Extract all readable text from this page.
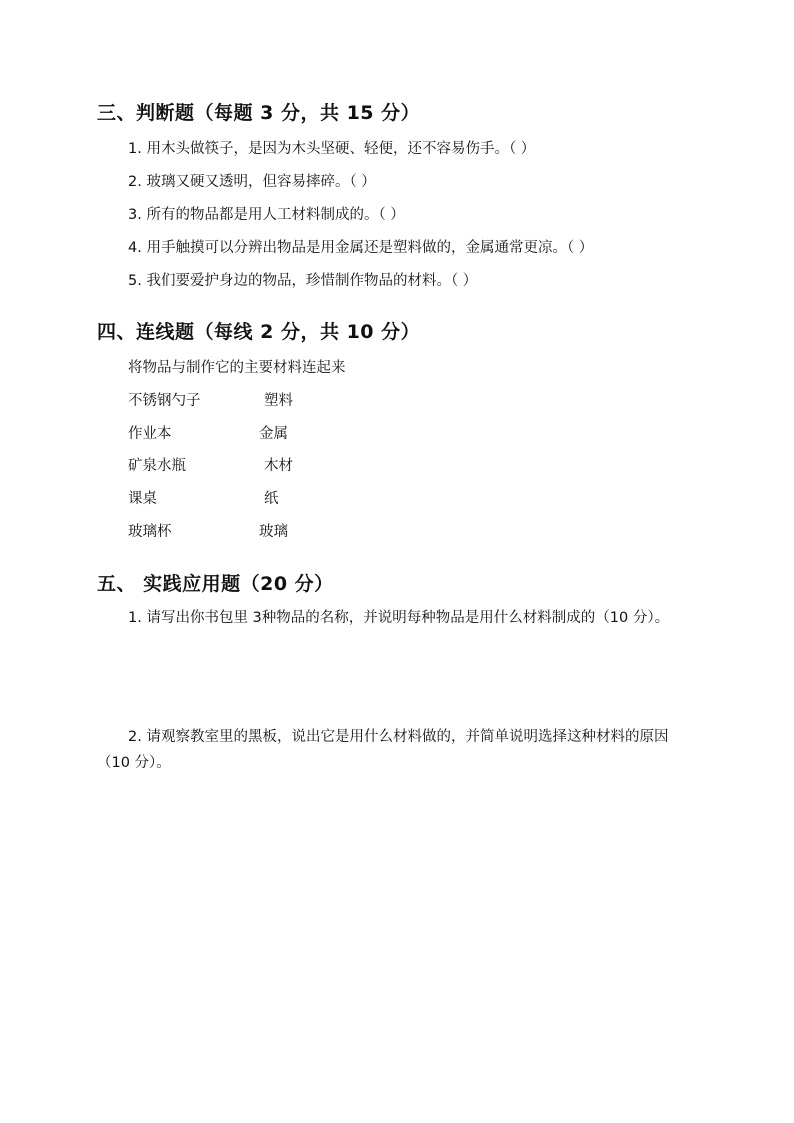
三、判断题（每题 3 分，共 15 分）
1. 用木头做筷子，是因为木头坚硬、轻便，还不容易伤手。（ ）
2. 玻璃又硬又透明，但容易摔碎。（ ）
3. 所有的物品都是用人工材料制成的。（ ）
4. 用手触摸可以分辨出物品是用金属还是塑料做的，金属通常更凉。（ ）
5. 我们要爱护身边的物品，珍惜制作物品的材料。（ ）
四、连线题（每线 2 分，共 10 分）
将物品与制作它的主要材料连起来
不锈钢勺子	塑料
作业本	金属
矿泉水瓶	木材
课桌	纸
玻璃杯	玻璃
五、 实践应用题（20 分）
1. 请写出你书包里 3种物品的名称，并说明每种物品是用什么材料制成的（10 分）。
2. 请观察教室里的黑板，说出它是用什么材料做的，并简单说明选择这种材料的原因（10 分）。
